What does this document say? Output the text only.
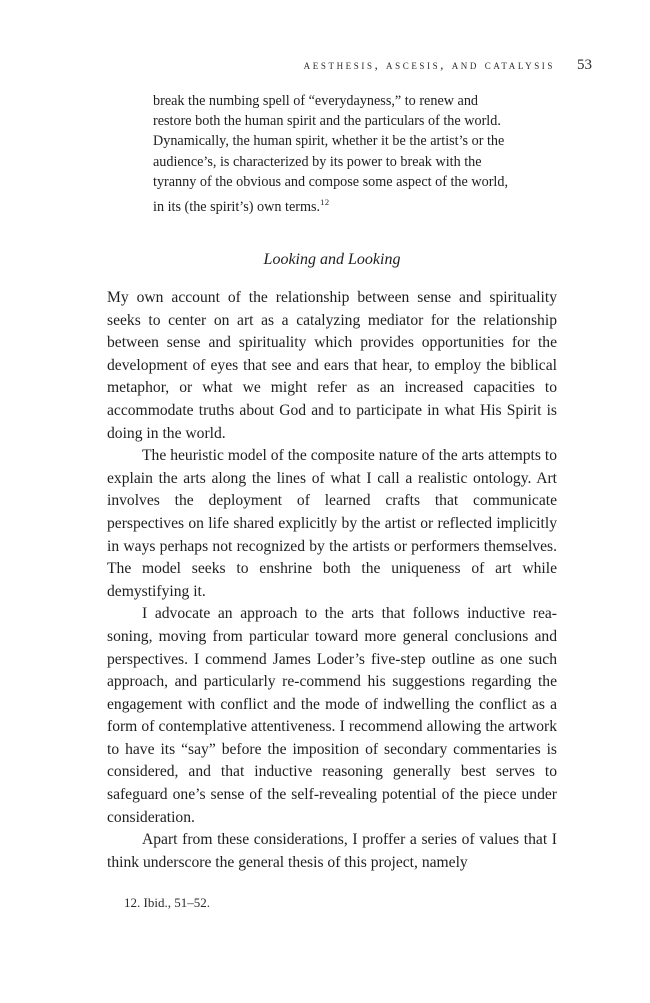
aesthesis, ascesis, and catalysis 53
break the numbing spell of “everydayness,” to renew and restore both the human spirit and the particulars of the world. Dynamically, the human spirit, whether it be the artist’s or the audience’s, is characterized by its power to break with the tyranny of the obvious and compose some aspect of the world, in its (the spirit’s) own terms.$^{12}$
Looking and Looking

My own account of the relationship between sense and spirituality seeks to center on art as a catalyzing mediator for the relationship between sense and spirituality which provides opportunities for the development of eyes that see and ears that hear, to employ the biblical metaphor, or what we might refer as an increased capacities to accommodate truths about God and to participate in what His Spirit is doing in the world.

The heuristic model of the composite nature of the arts attempts to explain the arts along the lines of what I call a realistic ontology. Art involves the deployment of learned crafts that communicate perspectives on life shared explicitly by the artist or reflected implicitly in ways perhaps not recognized by the artists or performers themselves. The model seeks to enshrine both the uniqueness of art while demystifying it.

I advocate an approach to the arts that follows inductive reasoning, moving from particular toward more general conclusions and perspectives. I commend James Loder’s five-step outline as one such approach, and particularly re-commend his suggestions regarding the engagement with conflict and the mode of indwelling the conflict as a form of contemplative attentiveness. I recommend allowing the artwork to have its “say” before the imposition of secondary commentaries is considered, and that inductive reasoning generally best serves to safeguard one’s sense of the self-revealing potential of the piece under consideration.

Apart from these considerations, I proffer a series of values that I think underscore the general thesis of this project, namely

12. Ibid., 51–52.
